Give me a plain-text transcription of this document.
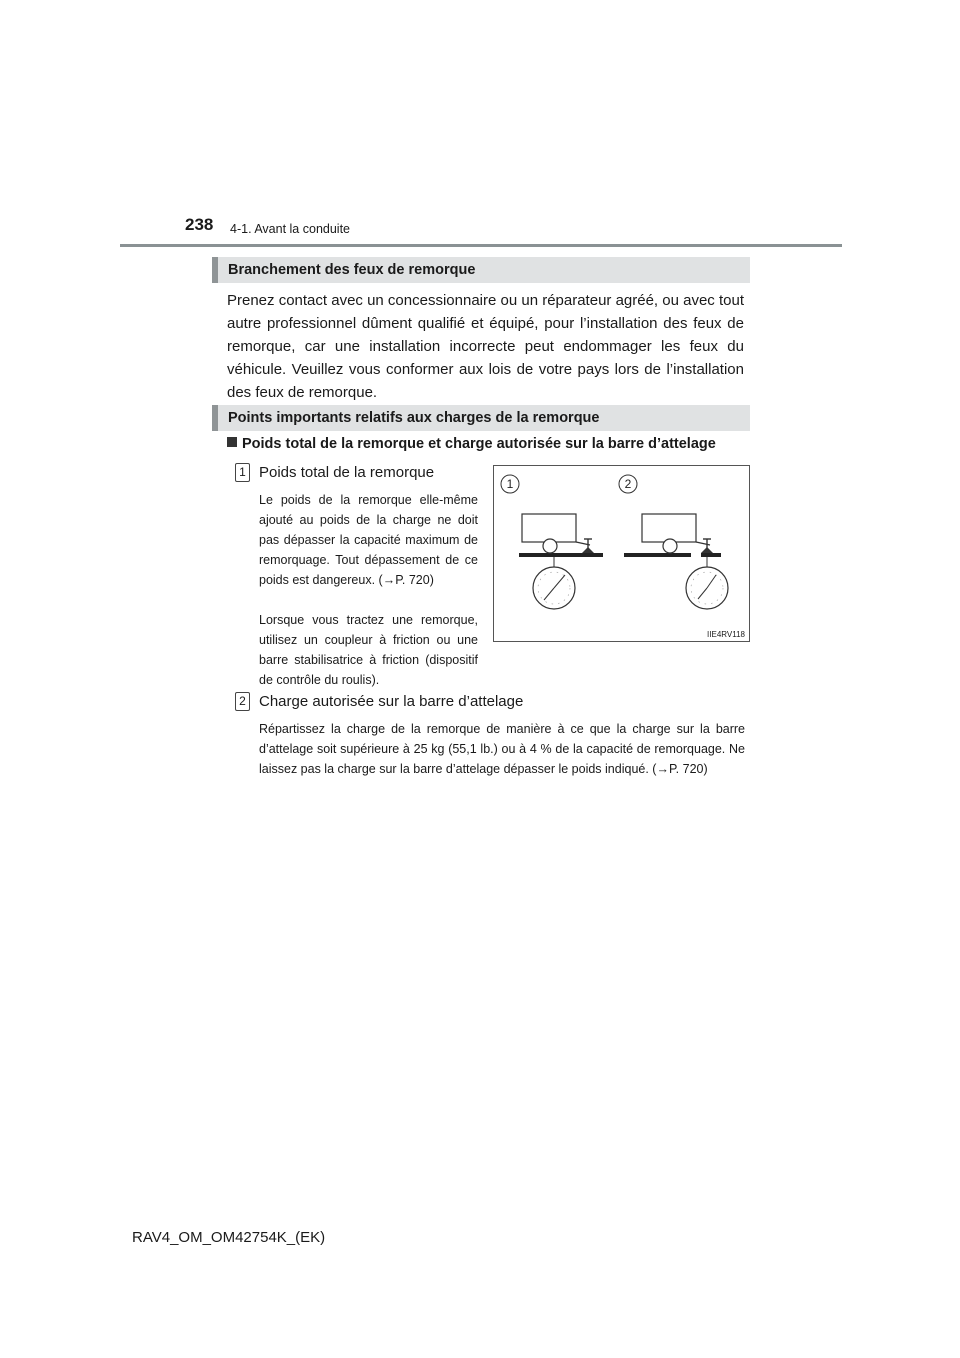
238 4-1. Avant la conduite
Branchement des feux de remorque

Prenez contact avec un concessionnaire ou un réparateur agréé, ou avec tout autre professionnel dûment qualifié et équipé, pour l’installation des feux de remorque, car une installation incorrecte peut endommager les feux du véhicule. Veuillez vous conformer aux lois de votre pays lors de l’installation des feux de remorque.

Points importants relatifs aux charges de la remorque
Poids total de la remorque et charge autorisée sur la barre d’attelage
1 Poids total de la remorque

Le poids de la remorque elle-même ajouté au poids de la charge ne doit pas dépasser la capacité maximum de remorquage. Tout dépassement de ce poids est dangereux. (→P. 720)

Lorsque vous tractez une remorque, utilisez un coupleur à friction ou une barre stabilisatrice à friction (dispositif de contrôle du roulis).

2 Charge autorisée sur la barre d’attelage

Répartissez la charge de la remorque de manière à ce que la charge sur la barre d’attelage soit supérieure à 25 kg (55,1 lb.) ou à 4 % de la capacité de remorquage. Ne laissez pas la charge sur la barre d’attelage dépasser le poids indiqué. (→P. 720)

1	2
IIE4RV118
RAV4_OM_OM42754K_(EK)
